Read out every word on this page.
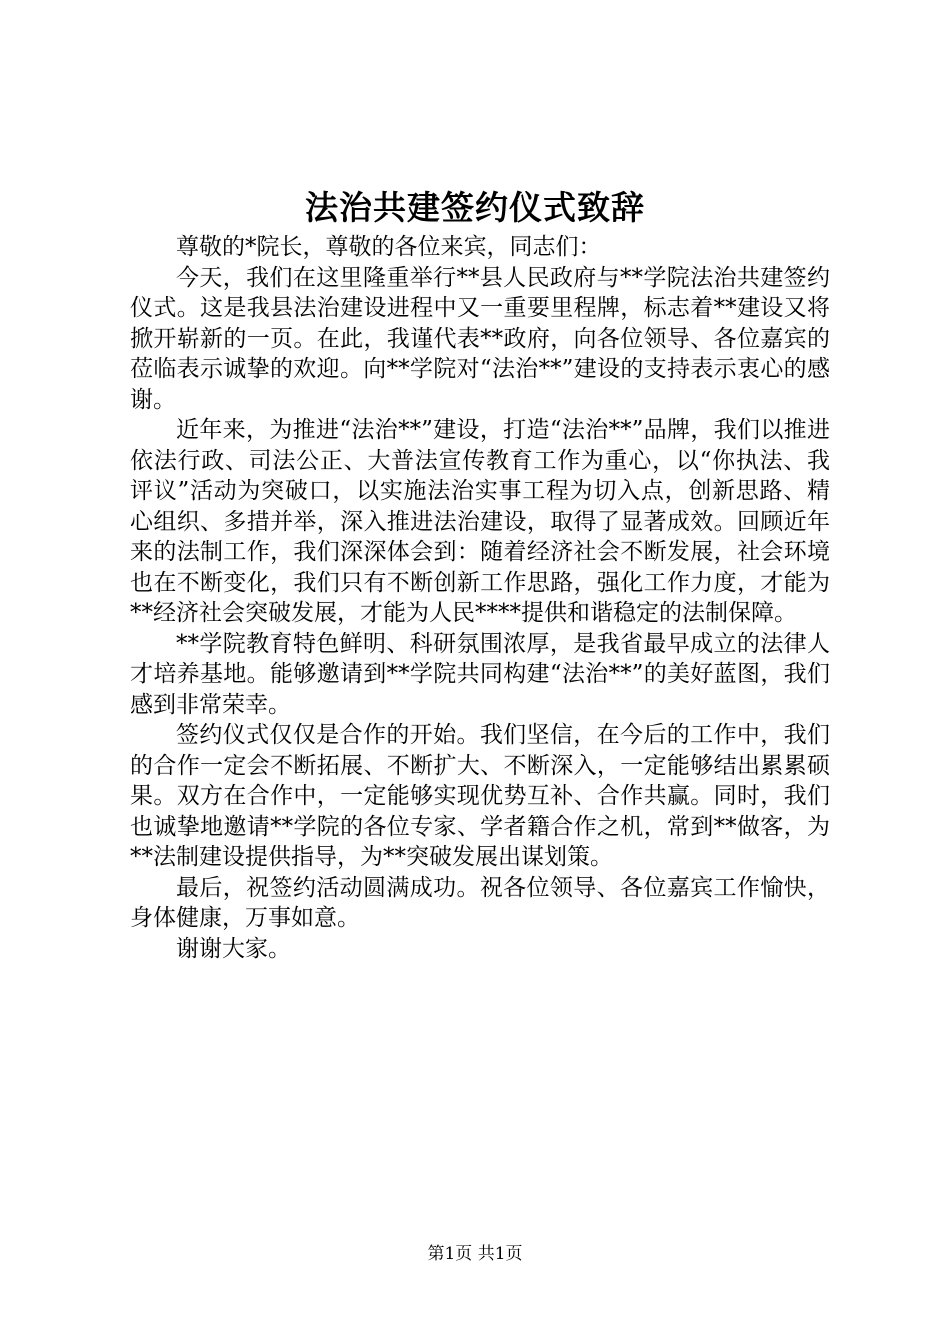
法治共建签约仪式致辞

尊敬的*院长，尊敬的各位来宾，同志们：

今天，我们在这里隆重举行**县人民政府与**学院法治共建签约仪式。这是我县法治建设进程中又一重要里程牌，标志着**建设又将掀开崭新的一页。在此，我谨代表**政府，向各位领导、各位嘉宾的莅临表示诚挚的欢迎。向**学院对“法治**”建设的支持表示衷心的感谢。

近年来，为推进“法治**”建设，打造“法治**”品牌，我们以推进依法行政、司法公正、大普法宣传教育工作为重心，以“你执法、我评议”活动为突破口，以实施法治实事工程为切入点，创新思路、精心组织、多措并举，深入推进法治建设，取得了显著成效。回顾近年来的法制工作，我们深深体会到：随着经济社会不断发展，社会环境也在不断变化，我们只有不断创新工作思路，强化工作力度，才能为**经济社会突破发展，才能为人民****提供和谐稳定的法制保障。

**学院教育特色鲜明、科研氛围浓厚，是我省最早成立的法律人才培养基地。能够邀请到**学院共同构建“法治**”的美好蓝图，我们感到非常荣幸。

签约仪式仅仅是合作的开始。我们坚信，在今后的工作中，我们的合作一定会不断拓展、不断扩大、不断深入，一定能够结出累累硕果。双方在合作中，一定能够实现优势互补、合作共赢。同时，我们也诚挚地邀请**学院的各位专家、学者籍合作之机，常到**做客，为**法制建设提供指导，为**突破发展出谋划策。

最后，祝签约活动圆满成功。祝各位领导、各位嘉宾工作愉快，身体健康，万事如意。

谢谢大家。

第1页 共1页
